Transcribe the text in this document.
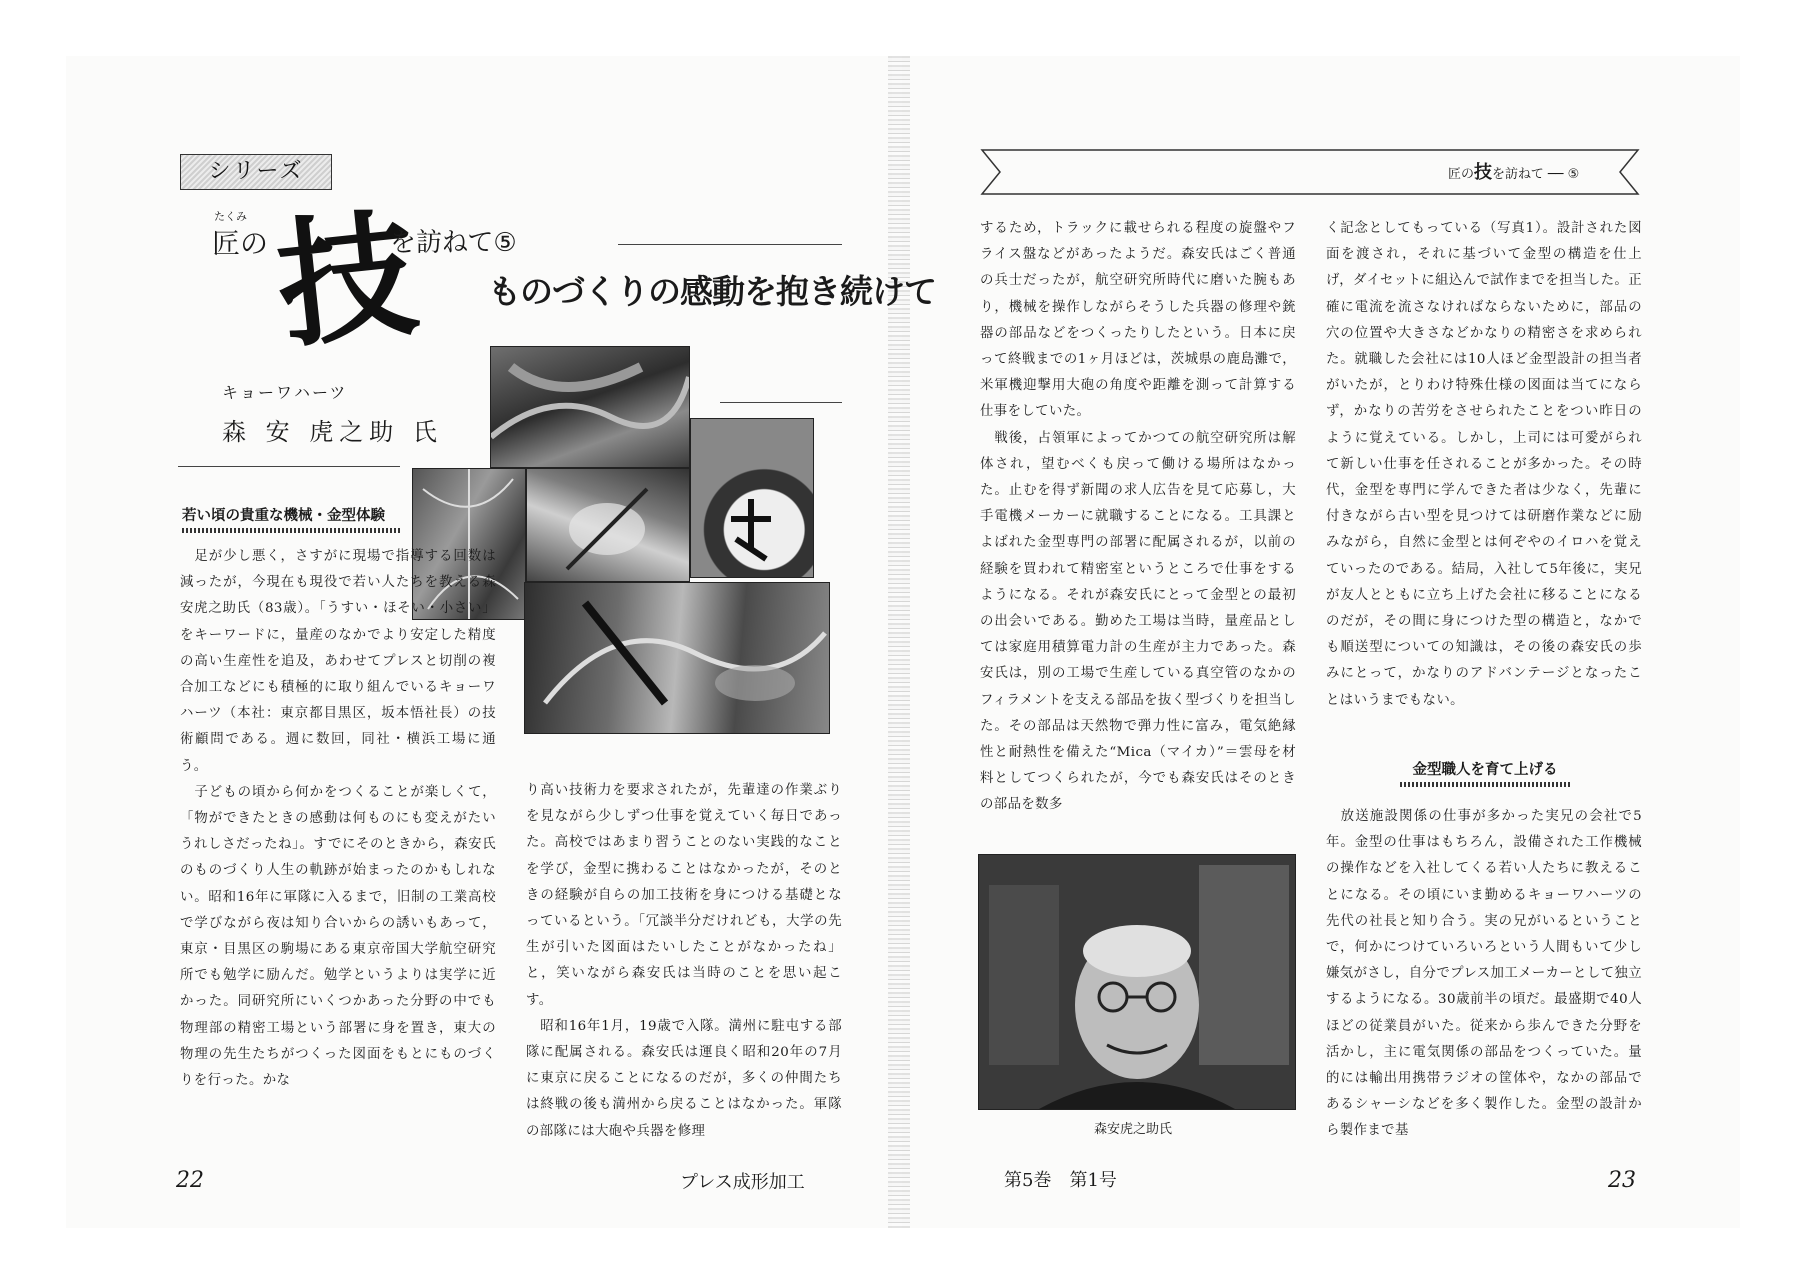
シリーズ
たくみ
匠の 技
を訪ねて⑤
ものづくりの感動を抱き続けて
キョーワハーツ
森 安 虎之助 氏
若い頃の貴重な機械・金型体験
　足が少し悪く，さすがに現場で指導する回数は減ったが，今現在も現役で若い人たちを教える森安虎之助氏（83歳）。「うすい・ほそい・小さい」をキーワードに，量産のなかでより安定した精度の高い生産性を追及，あわせてプレスと切削の複合加工などにも積極的に取り組んでいるキョーワハーツ（本社：東京都目黒区，坂本悟社長）の技術顧問である。週に数回，同社・横浜工場に通う。
　子どもの頃から何かをつくることが楽しくて，「物ができたときの感動は何ものにも変えがたいうれしさだったね」。すでにそのときから，森安氏のものづくり人生の軌跡が始まったのかもしれない。昭和16年に軍隊に入るまで，旧制の工業高校で学びながら夜は知り合いからの誘いもあって，東京・目黒区の駒場にある東京帝国大学航空研究所でも勉学に励んだ。勉学というよりは実学に近かった。同研究所にいくつかあった分野の中でも物理部の精密工場という部署に身を置き，東大の物理の先生たちがつくった図面をもとにものづくりを行った。かな
り高い技術力を要求されたが，先輩達の作業ぶりを見ながら少しずつ仕事を覚えていく毎日であった。高校ではあまり習うことのない実践的なことを学び，金型に携わることはなかったが，そのときの経験が自らの加工技術を身につける基礎となっているという。「冗談半分だけれども，大学の先生が引いた図面はたいしたことがなかったね」と，笑いながら森安氏は当時のことを思い起こす。
　昭和16年1月，19歳で入隊。満州に駐屯する部隊に配属される。森安氏は運良く昭和20年の7月に東京に戻ることになるのだが，多くの仲間たちは終戦の後も満州から戻ることはなかった。軍隊の部隊には大砲や兵器を修理
22	プレス成形加工
匠の技を訪ねて ── ⑤
するため，トラックに載せられる程度の旋盤やフライス盤などがあったようだ。森安氏はごく普通の兵士だったが，航空研究所時代に磨いた腕もあり，機械を操作しながらそうした兵器の修理や銃器の部品などをつくったりしたという。日本に戻って終戦までの1ヶ月ほどは，茨城県の鹿島灘で，米軍機迎撃用大砲の角度や距離を測って計算する仕事をしていた。
　戦後，占領軍によってかつての航空研究所は解体され，望むべくも戻って働ける場所はなかった。止むを得ず新聞の求人広告を見て応募し，大手電機メーカーに就職することになる。工具課とよばれた金型専門の部署に配属されるが，以前の経験を買われて精密室というところで仕事をするようになる。それが森安氏にとって金型との最初の出会いである。勤めた工場は当時，量産品としては家庭用積算電力計の生産が主力であった。森安氏は，別の工場で生産している真空管のなかのフィラメントを支える部品を抜く型づくりを担当した。その部品は天然物で弾力性に富み，電気絶縁性と耐熱性を備えた“Mica（マイカ）”＝雲母を材料としてつくられたが，今でも森安氏はそのときの部品を数多
森安虎之助氏
く記念としてもっている（写真1）。設計された図面を渡され，それに基づいて金型の構造を仕上げ，ダイセットに組込んで試作までを担当した。正確に電流を流さなければならないために，部品の穴の位置や大きさなどかなりの精密さを求められた。就職した会社には10人ほど金型設計の担当者がいたが，とりわけ特殊仕様の図面は当てにならず，かなりの苦労をさせられたことをつい昨日のように覚えている。しかし，上司には可愛がられて新しい仕事を任されることが多かった。その時代，金型を専門に学んできた者は少なく，先輩に付きながら古い型を見つけては研磨作業などに励みながら，自然に金型とは何ぞやのイロハを覚えていったのである。結局，入社して5年後に，実兄が友人とともに立ち上げた会社に移ることになるのだが，その間に身につけた型の構造と，なかでも順送型についての知識は，その後の森安氏の歩みにとって，かなりのアドバンテージとなったことはいうまでもない。
金型職人を育て上げる
　放送施設関係の仕事が多かった実兄の会社で5年。金型の仕事はもちろん，設備された工作機械の操作などを入社してくる若い人たちに教えることになる。その頃にいま勤めるキョーワハーツの先代の社長と知り合う。実の兄がいるということで，何かにつけていろいろという人間もいて少し嫌気がさし，自分でプレス加工メーカーとして独立するようになる。30歳前半の頃だ。最盛期で40人ほどの従業員がいた。従来から歩んできた分野を活かし，主に電気関係の部品をつくっていた。量的には輸出用携帯ラジオの筐体や，なかの部品であるシャーシなどを多く製作した。金型の設計から製作まで基
第5巻　第1号	23
